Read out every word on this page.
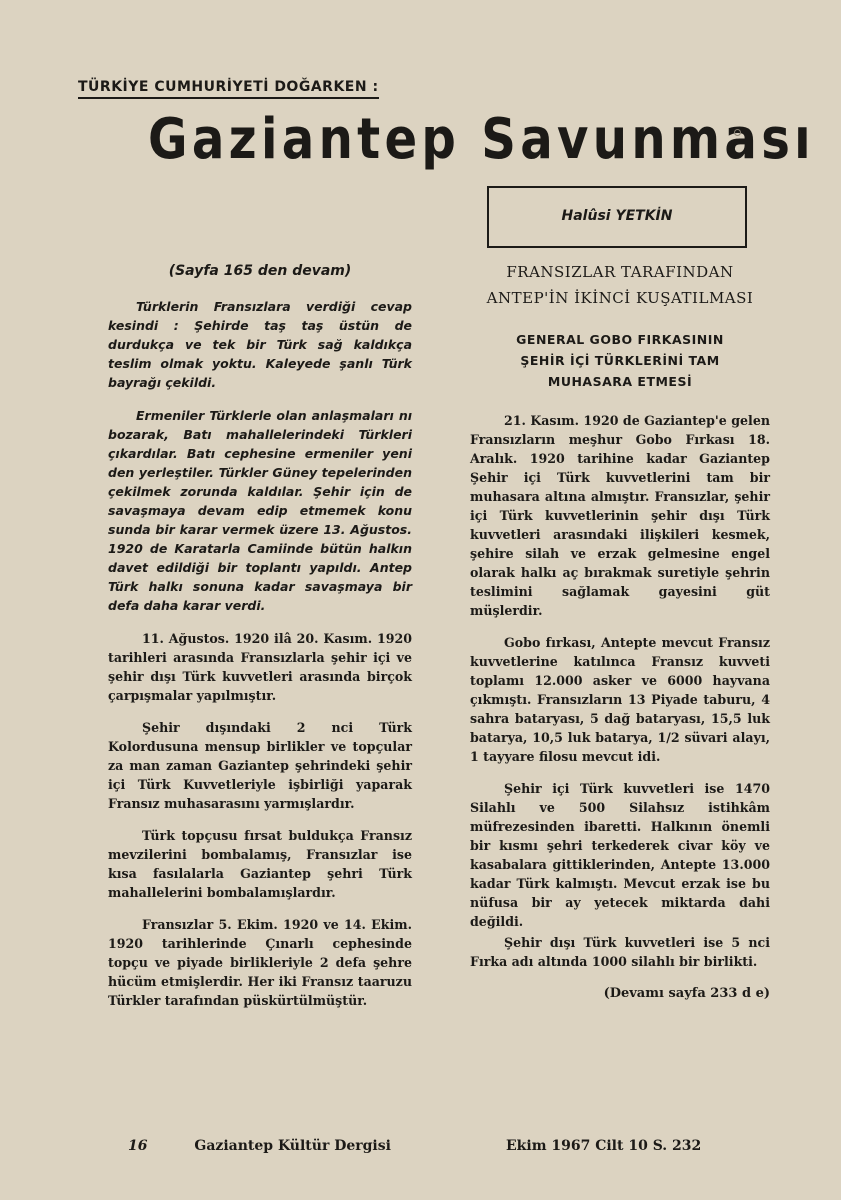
TÜRKİYE CUMHURİYETİ DOĞARKEN :
Gaziantep Savunması
Halûsi YETKİN

(Sayfa 165 den devam)

Türklerin Fransızlara verdiği cevap kesindi : Şehirde taş taş üstün de durdukça ve tek bir Türk sağ kaldıkça teslim olmak yoktu. Kaleyede şanlı Türk bayrağı çekildi.

Ermeniler Türklerle olan anlaşmaları nı bozarak, Batı mahallelerindeki Türkleri çıkardılar. Batı cephesine ermeniler yeni den yerleştiler. Türkler Güney tepelerinden çekilmek zorunda kaldılar. Şehir için de savaşmaya devam edip etmemek konu sunda bir karar vermek üzere 13. Ağustos. 1920 de Karatarla Camiinde bütün halkın davet edildiği bir toplantı yapıldı. Antep Türk halkı sonuna kadar savaşmaya bir defa daha karar verdi.

11. Ağustos. 1920 ilâ 20. Kasım. 1920 tarihleri arasında Fransızlarla şehir içi ve şehir dışı Türk kuvvetleri arasında birçok çarpışmalar yapılmıştır.

Şehir dışındaki 2 nci Türk Kolordusuna mensup birlikler ve topçular za man zaman Gaziantep şehrindeki şehir içi Türk Kuvvetleriyle işbirliği yaparak Fransız muhasarasını yarmışlardır.

Türk topçusu fırsat buldukça Fransız mevzilerini bombalamış, Fransızlar ise kısa fasılalarla Gaziantep şehri Türk mahallelerini bombalamışlardır.

Fransızlar 5. Ekim. 1920 ve 14. Ekim. 1920 tarihlerinde Çınarlı cephesinde topçu ve piyade birlikleriyle 2 defa şehre hücüm etmişlerdir. Her iki Fransız taaruzu Türkler tarafından püskürtülmüştür.

FRANSIZLAR TARAFINDAN
ANTEP'İN İKİNCİ KUŞATILMASI
GENERAL GOBO FIRKASININ
ŞEHİR İÇİ TÜRKLERİNİ TAM
MUHASARA ETMESİ

21. Kasım. 1920 de Gaziantep'e gelen Fransızların meşhur Gobo Fırkası 18. Aralık. 1920 tarihine kadar Gaziantep Şehir içi Türk kuvvetlerini tam bir muhasara altına almıştır. Fransızlar, şehir içi Türk kuvvetlerinin şehir dışı Türk kuvvetleri arasındaki ilişkileri kesmek, şehire silah ve erzak gelmesine engel olarak halkı aç bırakmak suretiyle şehrin teslimini sağlamak gayesini güt müşlerdir.

Gobo fırkası, Antepte mevcut Fransız kuvvetlerine katılınca Fransız kuvveti toplamı 12.000 asker ve 6000 hayvana çıkmıştı. Fransızların 13 Piyade taburu, 4 sahra bataryası, 5 dağ bataryası, 15,5 luk batarya, 10,5 luk batarya, 1/2 süvari alayı, 1 tayyare filosu mevcut idi.

Şehir içi Türk kuvvetleri ise 1470 Silahlı ve 500 Silahsız istihkâm müfrezesinden ibaretti. Halkının önemli bir kısmı şehri terkederek civar köy ve kasabalara gittiklerinden, Antepte 13.000 kadar Türk kalmıştı. Mevcut erzak ise bu nüfusa bir ay yetecek miktarda dahi değildi.

Şehir dışı Türk kuvvetleri ise 5 nci Fırka adı altında 1000 silahlı bir birlikti.

(Devamı sayfa 233 d e)
16	Gaziantep Kültür Dergisi	Ekim 1967 Cilt 10 S. 232
